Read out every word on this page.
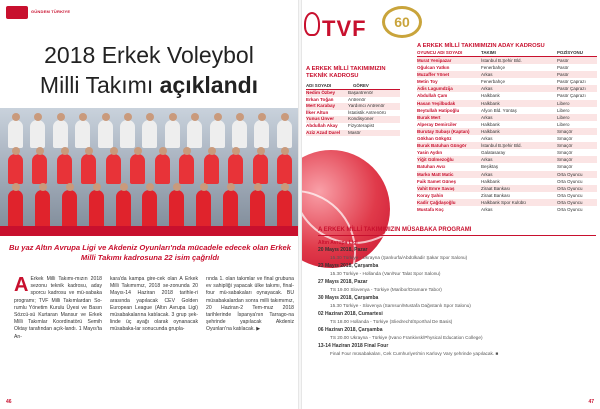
GÜNDEM TÜRKİYE
2018 Erkek Voleybol
Milli Takımı açıklandı
Bu yaz Altın Avrupa Ligi ve Akdeniz Oyunları'nda mücadele edecek olan Erkek Milli Takımı kadrosuna 22 isim çağrıldı
A Erkek Milli Takımı-mızın 2018 sezonu teknik kadrosu, aday sporcu kadrosu ve mü-sabaka programı; TVF Milli Takımlardan So-rumlu Yönetim Kurulu Üyesi ve Basın Sözcü-sü Kurtaran Mansur ve Erkek Milli Takımlar Koordinatörü Semih Oktay tarafından açık-landı. 1 Mayıs'ta An-
kara'da kampa gire-cek olan A Erkek Milli Takımımız, 2018 se-zonunda 20 Mayıs-14 Haziran 2018 tarihle-ri arasında yapılacak CEV Golden European League (Altın Avrupa Ligi) müsabakalarına katılacak. 3 grup şek-linde üç ayağı olarak oynanacak müsabaka-lar sonucunda grupla-
rında 1. olan takımlar ve final grubuna ev sahipliği yapacak ülke takımı, final-four mü-sabakaları oynayacak. BU müsabakalardan sonra milli takımımız, 20 Haziran-2 Tem-muz 2018 tarihlerinde İspanya'nın Tarrago-na şehrinde yapılacak Akdeniz Oyunları'na katılacak. ▶
46
TVF	60
A ERKEK MİLLİ TAKIMIMIZIN TEKNİK KADROSU
ADI SOYADI	GÖREV
Nedim Özbey	Başantrenör
Erkan Toğan	Antrenör
Mert Karabay	Yardımcı Antrenör
İlker Altun	İstatistik Antrenörü
Yunus Ünver	Kondisyoner
Abdullah Akay	Fizyoterapist
Aziz Azad Darel	Masör
A ERKEK MİLLİ TAKIMIMIZIN ADAY KADROSU
OYUNCU ADI SOYADI	TAKIMI	POZİSYONU
Murat Yenipazar	İstanbul B.Şehir Bld.	Pasör
Oğulcan Yatkın	Fenerbahçe	Pasör
Muzaffer Yönet	Arkas	Pasör
Metin Toy	Fenerbahçe	Pasör Çaprazı
Adis Lagumdzija	Arkas	Pasör Çaprazı
Abdullah Çam	Halkbank	Pasör Çaprazı
Hasan Yeşilbudak	Halkbank	Libero
Beytullah Hatipoğlu	Afyon Bld. Yüntaş	Libero
Burak Mert	Arkas	Libero
Alperay Demirciler	Halkbank	Libero
Burutay Subaşı (Kaptan)	Halkbank	Smaçör
Gökhan Gökgöz	Arkas	Smaçör
Burak Batuhan Güngör	İstanbul B.Şehir Bld.	Smaçör
Yasin Aydın	Galatasaray	Smaçör
Yiğit Gülmezoğlu	Arkas	Smaçör
Batuhan Avcı	Beşiktaş	Smaçör
Marko Matt Matic	Arkas	Orta Oyuncu
Faik Samet Güneş	Halkbank	Orta Oyuncu
Vahit Emre Savaş	Ziraat Bankası	Orta Oyuncu
Koray Şahin	Ziraat Bankası	Orta Oyuncu
Kadir Çağdaşoğlu	Halkbank Spor Kulübü	Orta Oyuncu
Mustafa Koç	Arkas	Orta Oyuncu
A ERKEK MİLLİ TAKIMIMIZIN MÜSABAKA PROGRAMI
Altın Avrupa Ligi
20 Mayıs 2018, Pazar
15.30 Türkiye - Ukrayna (Şanlıurfa/Abdülkadir Şakar Spor Salonu)
23 Mayıs 2018, Çarşamba
15.30 Türkiye - Hollanda (Van/Nur Talat Spor Salonu)
27 Mayıs 2018, Pazar
TS 19.00 Slovenya - Türkiye (Maribor/Dramare Tabor)
30 Mayıs 2018, Çarşamba
15.30 Türkiye - Slovenya (Samsun/Mustafa Dağıstanlı Spor Salonu)
02 Haziran 2018, Cumartesi
TS 18.00 Hollanda - Türkiye (Sliedrecht/Sporthal De Basis)
06 Haziran 2018, Çarşamba
TS 20.00 Ukrayna - Türkiye (Ivano Frankivsk/Physical Education College)
13-14 Haziran 2018 Final Four
Final Four müsabakaları, Cek Cumhuriyeti'nin Karlovy Vary şehrinde yapılacak. ■
47
